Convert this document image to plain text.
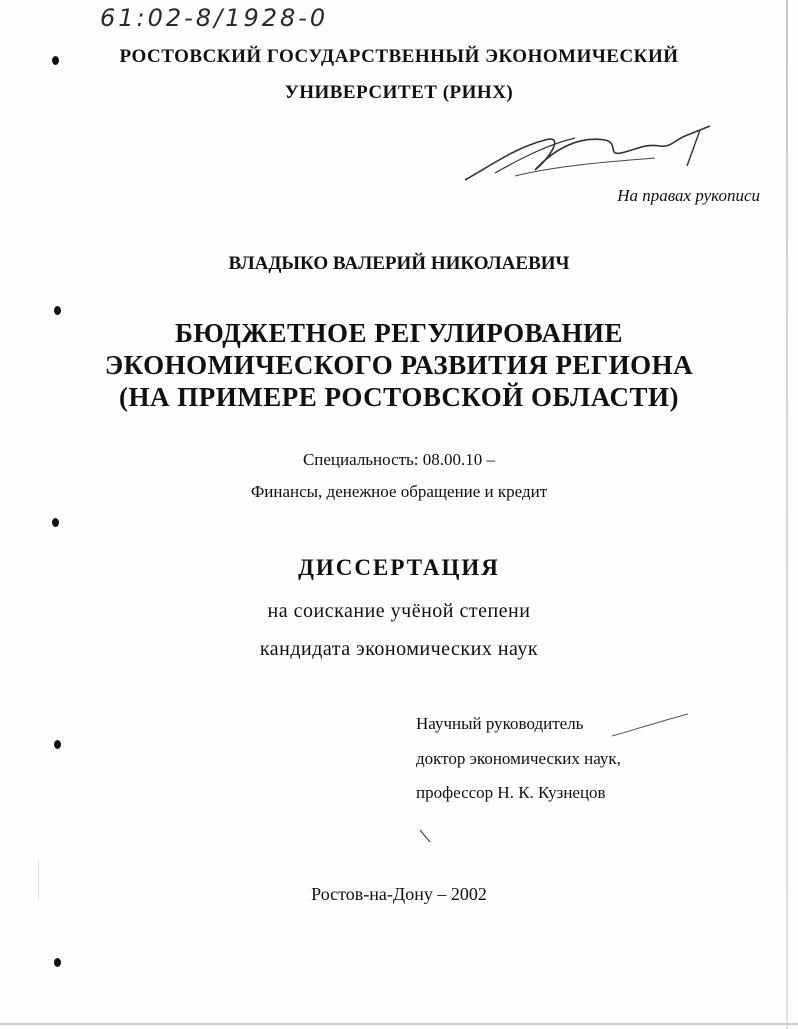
61:02-8/1928-0
РОСТОВСКИЙ ГОСУДАРСТВЕННЫЙ ЭКОНОМИЧЕСКИЙ
УНИВЕРСИТЕТ (РИНХ)
На правах рукописи
ВЛАДЫКО ВАЛЕРИЙ НИКОЛАЕВИЧ
БЮДЖЕТНОЕ РЕГУЛИРОВАНИЕ
ЭКОНОМИЧЕСКОГО РАЗВИТИЯ РЕГИОНА
(НА ПРИМЕРЕ РОСТОВСКОЙ ОБЛАСТИ)
Специальность: 08.00.10 –
Финансы, денежное обращение и кредит
ДИССЕРТАЦИЯ
на соискание учёной степени
кандидата экономических наук
Научный руководитель
доктор экономических наук,
профессор Н. К. Кузнецов
Ростов-на-Дону – 2002
